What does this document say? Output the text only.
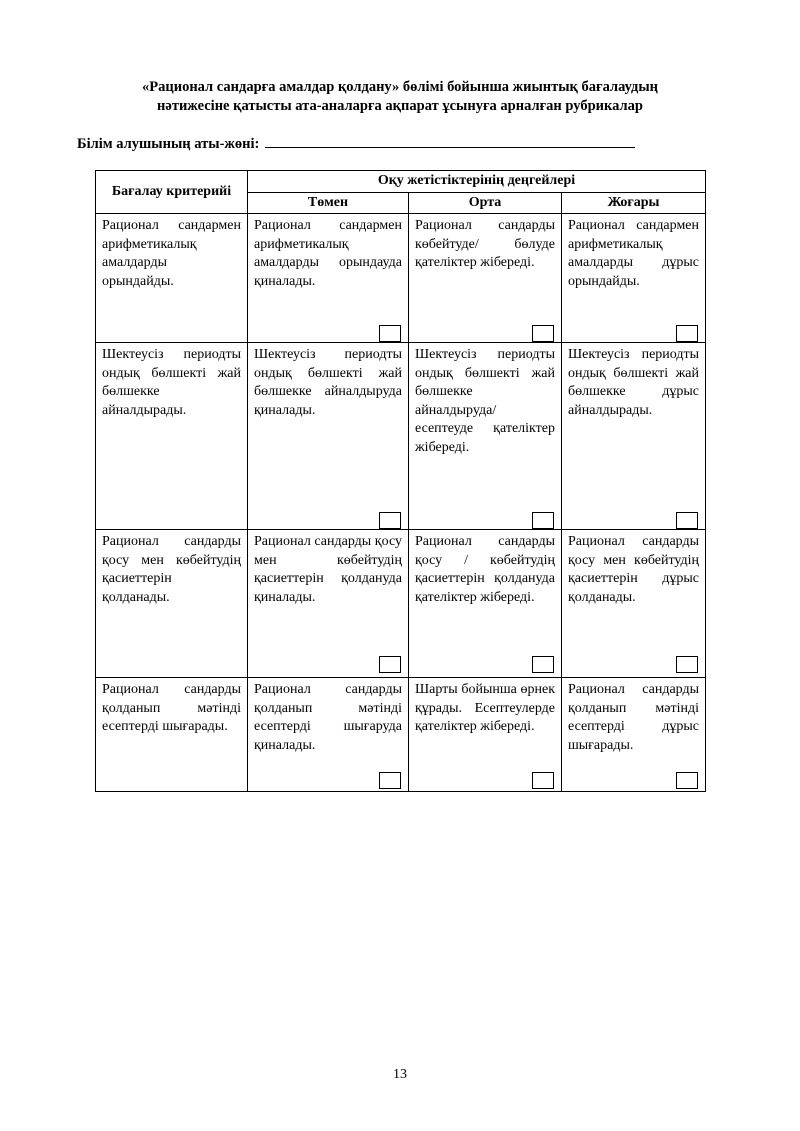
«Рационал сандарға амалдар қолдану» бөлімі бойынша жиынтық бағалаудың
нәтижесіне қатысты ата-аналарға ақпарат ұсынуға арналған рубрикалар
Білім алушының аты-жөні:
Бағалау критерийі	Оқу жетістіктерінің деңгейлері		
	Төмен	Орта	Жоғары

Рационал сандармен арифметикалық амалдарды орындайды.	Рационал сандармен арифметикалық амалдарды орындауда қиналады.	Рационал сандарды көбейтуде/ бөлуде қателіктер жібереді.	Рационал сандармен арифметикалық амалдарды дұрыс орындайды.

Шектеусіз периодты ондық бөлшекті жай бөлшекке айналдырады.	Шектеусіз периодты ондық бөлшекті жай бөлшекке айналдыруда қиналады.	Шектеусіз периодты ондық бөлшекті жай бөлшекке айналдыруда/ есептеуде қателіктер жібереді.	Шектеусіз периодты ондық бөлшекті жай бөлшекке дұрыс айналдырады.

Рационал сандарды қосу мен көбейтудің қасиеттерін қолданады.	Рационал сандарды қосу мен көбейтудің қасиеттерін қолдануда қиналады.	Рационал сандарды қосу / көбейтудің қасиеттерін қолдануда қателіктер жібереді.	Рационал сандарды қосу мен көбейтудің қасиеттерін дұрыс қолданады.

Рационал сандарды қолданып мәтінді есептерді шығарады.	Рационал сандарды қолданып мәтінді есептерді шығаруда қиналады.	Шарты бойынша өрнек құрады. Есептеулерде қателіктер жібереді.	Рационал сандарды қолданып мәтінді есептерді дұрыс шығарады.
13
